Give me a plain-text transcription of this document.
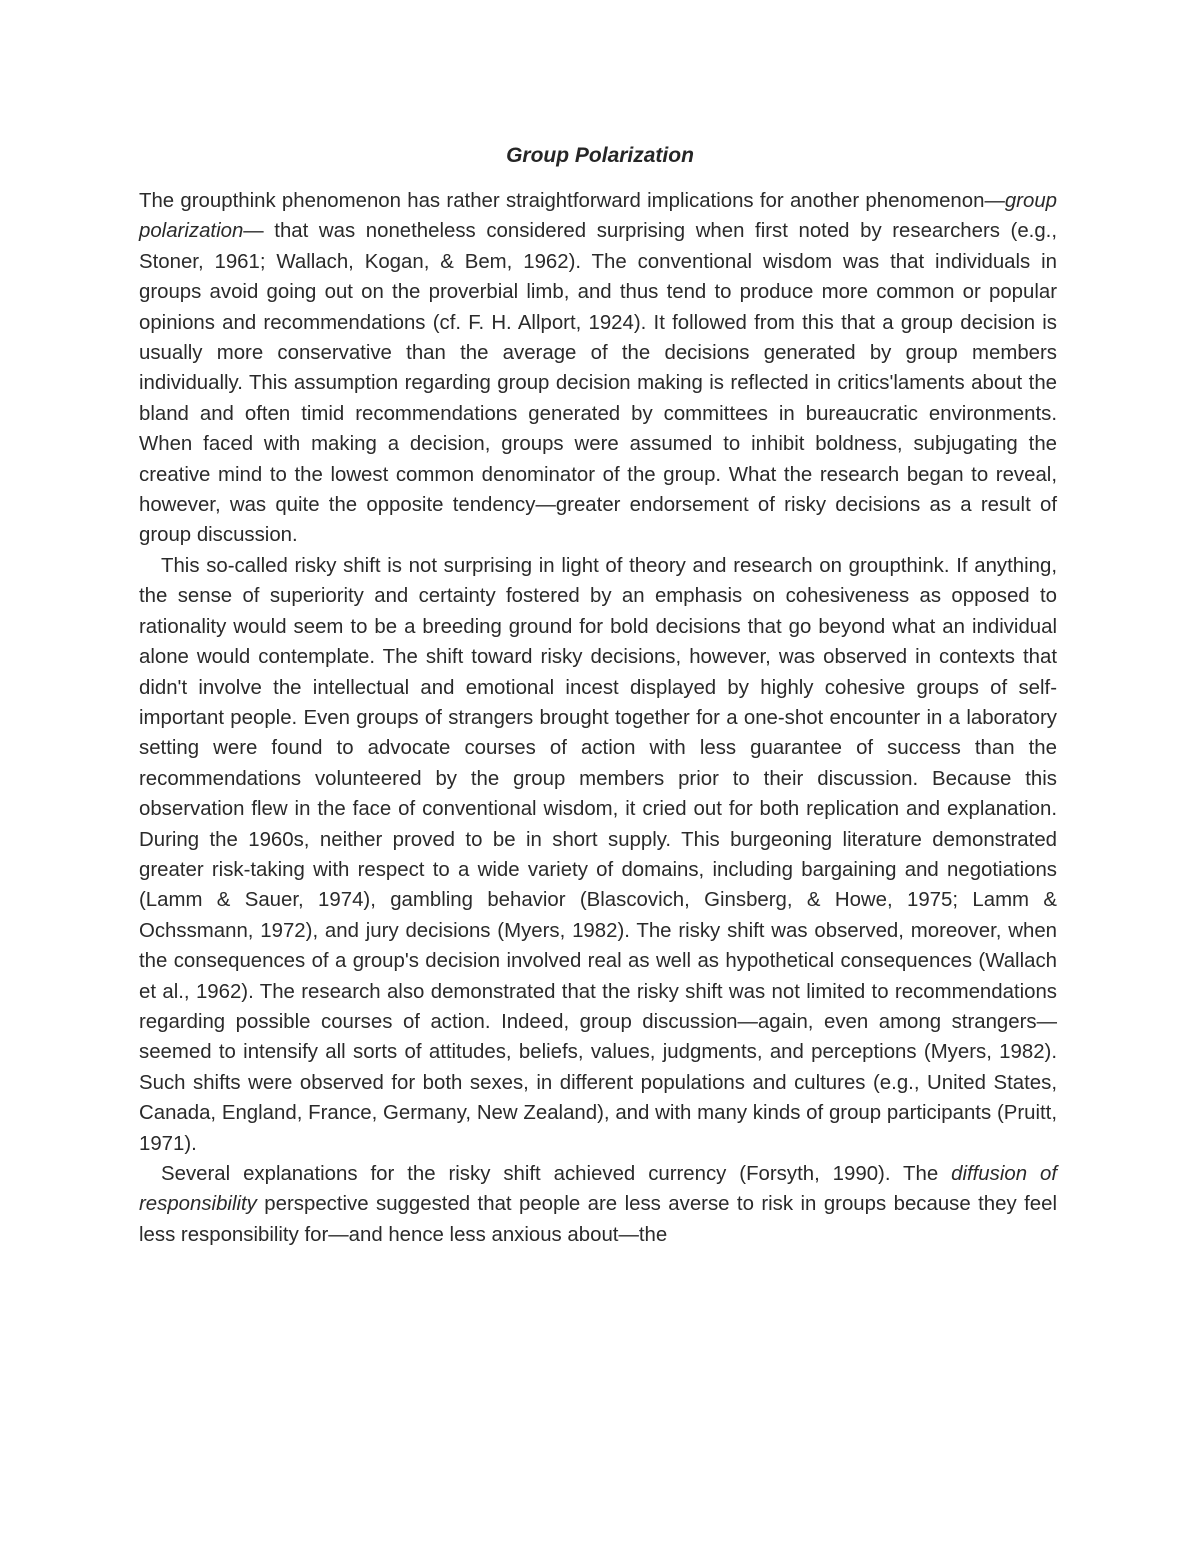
Group Polarization

The groupthink phenomenon has rather straightforward implications for another phenomenon—group polarization— that was nonetheless considered surprising when first noted by researchers (e.g., Stoner, 1961; Wallach, Kogan, & Bem, 1962). The conventional wisdom was that individuals in groups avoid going out on the proverbial limb, and thus tend to produce more common or popular opinions and recommendations (cf. F. H. Allport, 1924). It followed from this that a group decision is usually more conservative than the average of the decisions generated by group members individually. This assumption regarding group decision making is reflected in critics'laments about the bland and often timid recommendations generated by committees in bureaucratic environments. When faced with making a decision, groups were assumed to inhibit boldness, subjugating the creative mind to the lowest common denominator of the group. What the research began to reveal, however, was quite the opposite tendency—greater endorsement of risky decisions as a result of group discussion.

This so-called risky shift is not surprising in light of theory and research on groupthink. If anything, the sense of superiority and certainty fostered by an emphasis on cohesiveness as opposed to rationality would seem to be a breeding ground for bold decisions that go beyond what an individual alone would contemplate. The shift toward risky decisions, however, was observed in contexts that didn't involve the intellectual and emotional incest displayed by highly cohesive groups of self-important people. Even groups of strangers brought together for a one-shot encounter in a laboratory setting were found to advocate courses of action with less guarantee of success than the recommendations volunteered by the group members prior to their discussion. Because this observation flew in the face of conventional wisdom, it cried out for both replication and explanation. During the 1960s, neither proved to be in short supply. This burgeoning literature demonstrated greater risk-taking with respect to a wide variety of domains, including bargaining and negotiations (Lamm & Sauer, 1974), gambling behavior (Blascovich, Ginsberg, & Howe, 1975; Lamm & Ochssmann, 1972), and jury decisions (Myers, 1982). The risky shift was observed, moreover, when the consequences of a group's decision involved real as well as hypothetical consequences (Wallach et al., 1962). The research also demonstrated that the risky shift was not limited to recommendations regarding possible courses of action. Indeed, group discussion—again, even among strangers—seemed to intensify all sorts of attitudes, beliefs, values, judgments, and perceptions (Myers, 1982). Such shifts were observed for both sexes, in different populations and cultures (e.g., United States, Canada, England, France, Germany, New Zealand), and with many kinds of group participants (Pruitt, 1971).

Several explanations for the risky shift achieved currency (Forsyth, 1990). The diffusion of responsibility perspective suggested that people are less averse to risk in groups because they feel less responsibility for—and hence less anxious about—the
